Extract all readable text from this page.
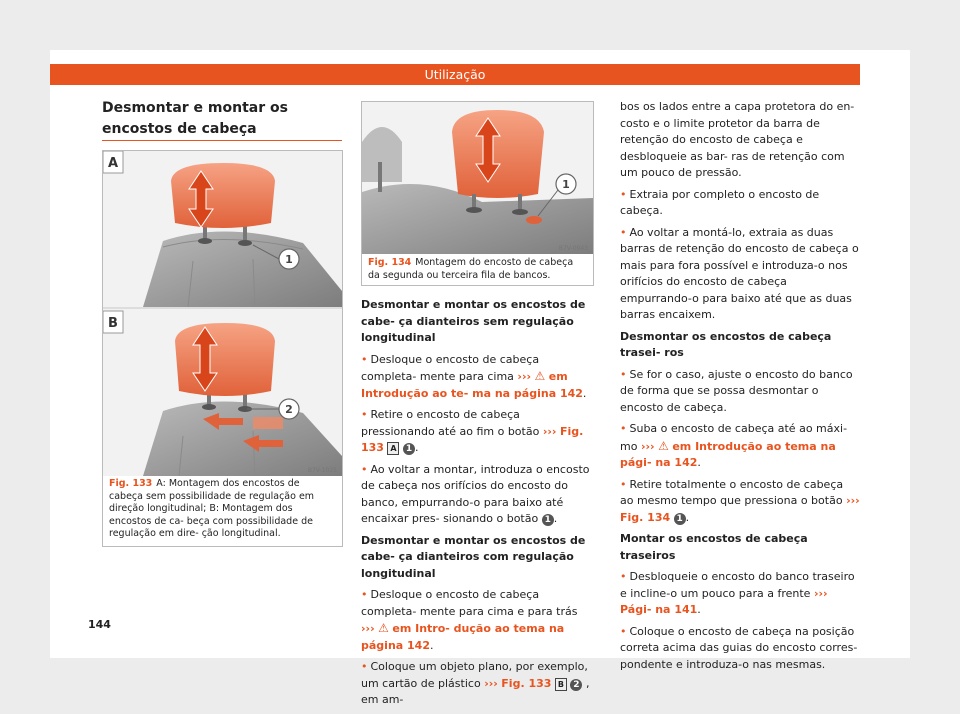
Utilização
Desmontar e montar os encostos de cabeça
1
A
2
B
B7V-1025
Fig. 133 A: Montagem dos encostos de cabeça sem possibilidade de regulação em direção longitudinal; B: Montagem dos encostos de ca- beça com possibilidade de regulação em dire- ção longitudinal.
1
B7V-0943
Fig. 134 Montagem do encosto de cabeça da segunda ou terceira fila de bancos.

Desmontar e montar os encostos de cabe- ça dianteiros sem regulação longitudinal

• Desloque o encosto de cabeça completa- mente para cima ››› ⚠ em Introdução ao te- ma na página 142.

• Retire o encosto de cabeça pressionando até ao fim o botão ››› Fig. 133 A 1 .

• Ao voltar a montar, introduza o encosto de cabeça nos orifícios do encosto do banco, empurrando-o para baixo até encaixar pres- sionando o botão 1 .

Desmontar e montar os encostos de cabe- ça dianteiros com regulação longitudinal

• Desloque o encosto de cabeça completa- mente para cima e para trás ››› ⚠ em Intro- dução ao tema na página 142.

• Coloque um objeto plano, por exemplo, um cartão de plástico ››› Fig. 133 B 2 , em am-

bos os lados entre a capa protetora do en- costo e o limite protetor da barra de retenção do encosto de cabeça e desbloqueie as bar- ras de retenção com um pouco de pressão.

• Extraia por completo o encosto de cabeça.

• Ao voltar a montá-lo, extraia as duas barras de retenção do encosto de cabeça o mais para fora possível e introduza-o nos orifícios do encosto de cabeça empurrando-o para baixo até que as duas barras encaixem.

Desmontar os encostos de cabeça trasei- ros

• Se for o caso, ajuste o encosto do banco de forma que se possa desmontar o encosto de cabeça.

• Suba o encosto de cabeça até ao máxi- mo ››› ⚠ em Introdução ao tema na pági- na 142.

• Retire totalmente o encosto de cabeça ao mesmo tempo que pressiona o botão ››› Fig. 134 1 .

Montar os encostos de cabeça traseiros

• Desbloqueie o encosto do banco traseiro e incline-o um pouco para a frente ››› Pági- na 141.

• Coloque o encosto de cabeça na posição correta acima das guias do encosto corres- pondente e introduza-o nas mesmas.

144
